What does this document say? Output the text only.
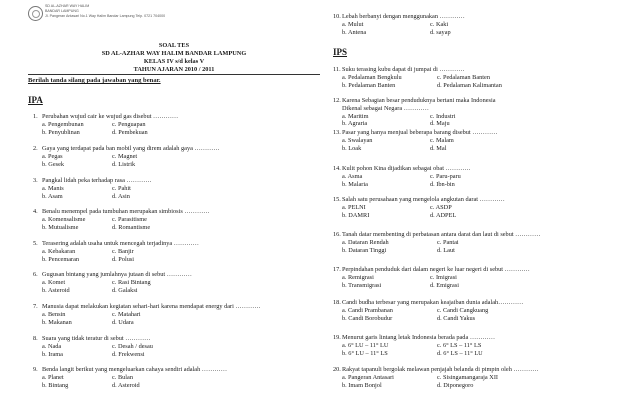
SD AL-AZHAR WAY HALIM
BANDAR LAMPUNG
Jl. Pangeran Antasari No.1 Way Halim Bandar Lampung Telp. 0721 704000
SOAL TES
SD AL-AZHAR WAY HALIM BANDAR LAMPUNG
KELAS IV s/d kelas V
TAHUN AJARAN 2010 / 2011
Berilah tanda silang pada jawaban yang benar.
IPA
IPS
1. Perubahan wujud cair ke wujud gas disebut …………
a. Pengembunan	c. Penguapan
b. Penyublinan	d. Pembekuan
2. Gaya yang terdapat pada ban mobil yang direm adalah gaya …………
a. Pegas	c. Magnet
b. Gesek	d. Listrik
3. Pangkal lidah peka terhadap rasa …………
a. Manis	c. Pahit
b. Asam	d. Asin
4. Benalu menempel pada tumbuhan merupakan simbiosis …………
a. Komensalisme	c. Parasitisme
b. Mutualisme	d. Romantisme
5. Terasering adalah usaha untuk mencegah terjadinya …………
a. Kebakaran	c. Banjir
b. Pencemaran	d. Polusi
6. Gugusan bintang yang jumlahnya jutaan di sebut …………
a. Komet	c. Rasi Bintang
b. Asteroid	d. Galaksi
7. Manusia dapat melakukan kegiatan sehari-hari karena mendapat energy dari …………
a. Bensin	c. Matahari
b. Makanan	d. Udara
8. Suara yang tidak teratur di sebut …………
a. Nada	c. Desah / desau
b. Irama	d. Frekwensi
9. Benda langit berikut yang mengeluarkan cahaya sendiri adalah …………
a. Planet	c. Bulan
b. Bintang	d. Asteroid
10.Lebah berbanyi dengan menggunakan …………
a. Mulut	c. Kaki
b. Antena	d. sayap
11.Suku terasing kubu dapat di jumpai di …………
a. Pedalaman Bengkulu	c. Pedalaman Banten
b. Pedalaman Banten	d. Pedalaman Kalimantan
12.Karena Sebagian besar penduduknya bertani maka Indonesia
Dikenal sebagai Negara …………
a. Maritim	c. Industri
b. Agraria	d. Maju
13.Pasar yang hanya menjual beberapa barang disebut …………
a. Swalayan	c. Malam
b. Loak	d. Mal
14.Kulit pohon Kina dijadikan sebagai obat …………
a. Asma	c. Paru-paru
b. Malaria	d. Ibn-bin
15.Salah satu perusahaan yang mengelola angkutan darat …………
a. PELNI	c. ASDP
b. DAMRI	d. ADPEL
16.Tanah datar membenting di perbatasan antara darat dan laut di sebut …………
a. Dataran Rendah	c. Pantai
b. Dataran Tinggi	d. Laut
17.Perpindahan penduduk dari dalam negeri ke luar negeri di sebut …………
a. Remigrasi	c. Imigrasi
b. Transmigrasi	d. Emigrasi
18.Candi budha terbesar yang merupakan keajaiban dunia adalah…………
a. Candi Prambanan	c. Candi Cangkuang
b. Candi Borobudur	d. Candi Yakus
19.Menurut garis lintang letak Indonesia berada pada …………
a. 6° LU – 11° LU	c. 6° LS – 11° LS
b. 6° LU – 11° LS	d. 6° LS – 11° LU
20.Rakyat tapanuli bergolak melawan penjajah belanda di pimpin oleh …………
a. Pangeran Antasari	c. Sisingamangaraja XII
b. Imam Bonjol	d. Diponegoro
